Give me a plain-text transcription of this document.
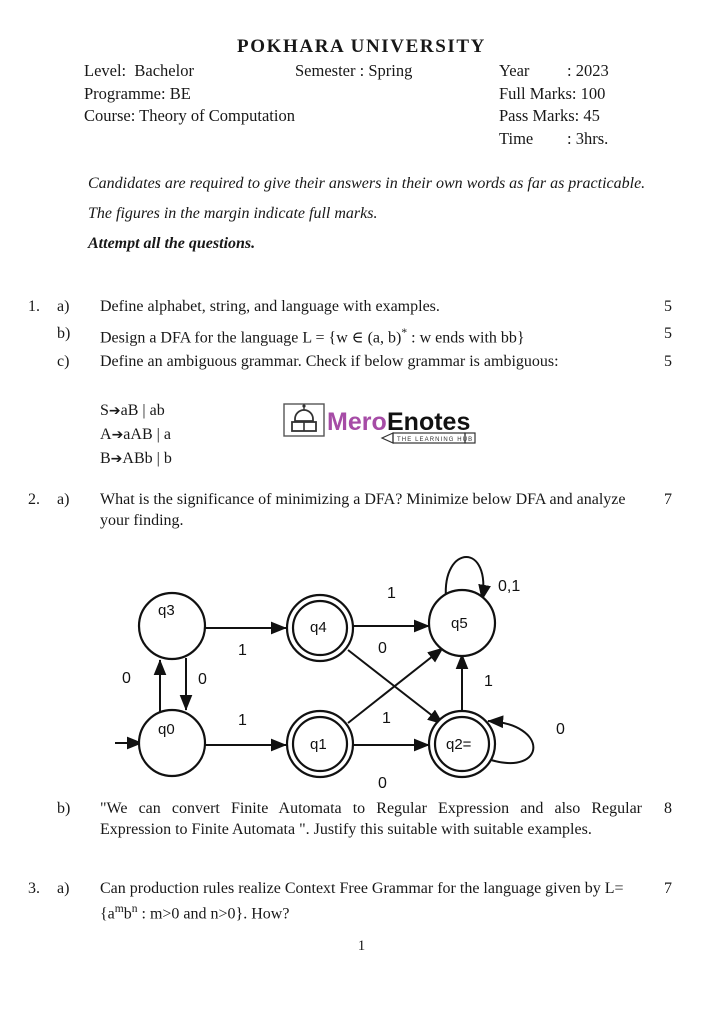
POKHARA UNIVERSITY
Level: Bachelor	Semester : Spring	Year : 2023
Programme: BE	Full Marks: 100
Course: Theory of Computation	Pass Marks: 45
Time : 3hrs.
Candidates are required to give their answers in their own words as far as practicable.
The figures in the margin indicate full marks.
Attempt all the questions.
1.	a)	Define alphabet, string, and language with examples.	5
b)	Design a DFA for the language L = {w ∈ (a, b)* : w ends with bb}	5
c)	Define an ambiguous grammar. Check if below grammar is ambiguous:	5
S➔aB | ab
A➔aAB | a
B➔ABb | b
Mero Enotes
THE LEARNING HUB
2.	a)	What is the significance of minimizing a DFA? Minimize below DFA and analyze your finding.
7
q3
q0
q4
q1
q5
q2=
0	0
1
1
1
0
1
0
1
0,1
0
b)	"We can convert Finite Automata to Regular Expression and also Regular Expression to Finite Automata ". Justify this suitable with suitable examples.
8
3.	a)	Can production rules realize Context Free Grammar for the language given by $L=\{a^mb^n$ : m>0 and n>0}. How?
7
1
